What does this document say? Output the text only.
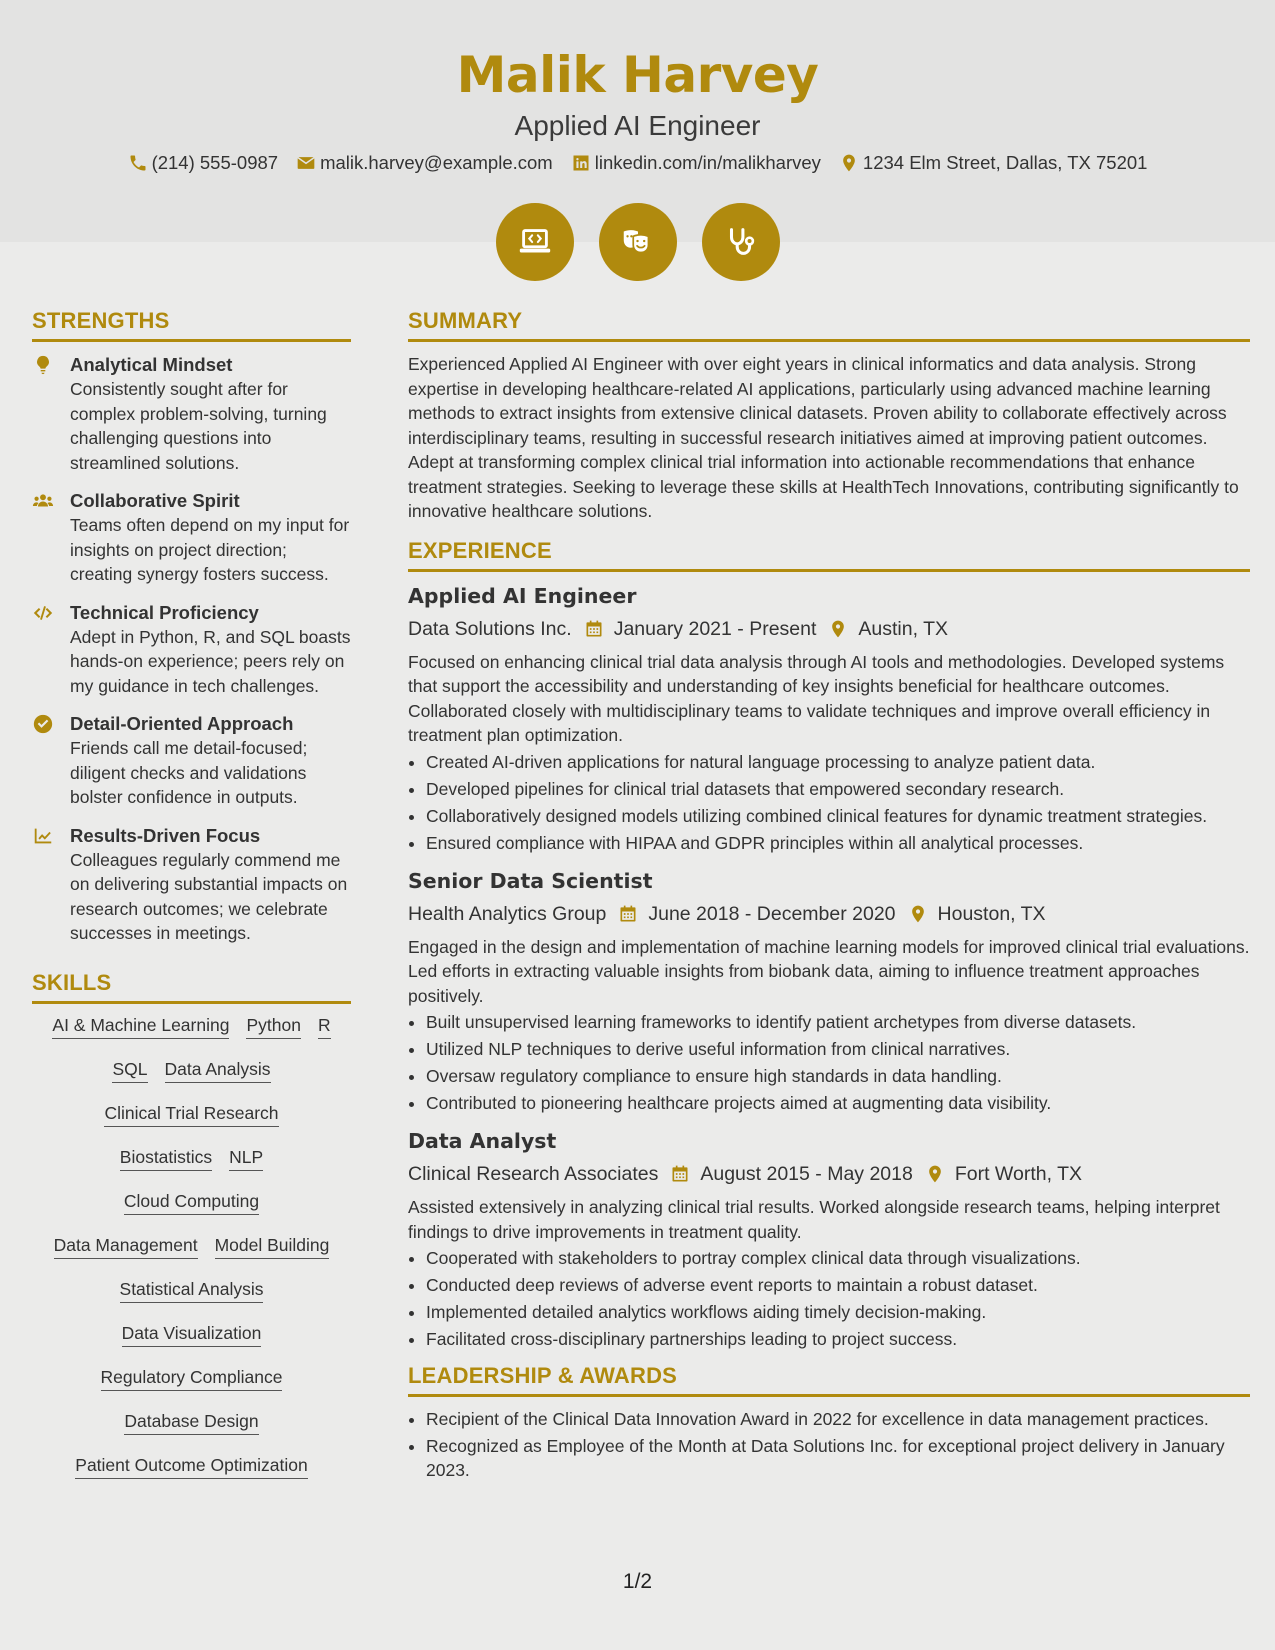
Malik Harvey
Applied AI Engineer
(214) 555-0987 malik.harvey@example.com linkedin.com/in/malikharvey 1234 Elm Street, Dallas, TX 75201
STRENGTHS
Analytical Mindset
Consistently sought after for complex problem-solving, turning challenging questions into streamlined solutions.
Collaborative Spirit
Teams often depend on my input for insights on project direction; creating synergy fosters success.
Technical Proficiency
Adept in Python, R, and SQL boasts hands-on experience; peers rely on my guidance in tech challenges.
Detail-Oriented Approach
Friends call me detail-focused; diligent checks and validations bolster confidence in outputs.
Results-Driven Focus
Colleagues regularly commend me on delivering substantial impacts on research outcomes; we celebrate successes in meetings.
SKILLS
AI & Machine Learning Python R
SQL Data Analysis
Clinical Trial Research
Biostatistics NLP
Cloud Computing
Data Management Model Building
Statistical Analysis
Data Visualization
Regulatory Compliance
Database Design
Patient Outcome Optimization
SUMMARY
Experienced Applied AI Engineer with over eight years in clinical informatics and data analysis. Strong expertise in developing healthcare-related AI applications, particularly using advanced machine learning methods to extract insights from extensive clinical datasets. Proven ability to collaborate effectively across interdisciplinary teams, resulting in successful research initiatives aimed at improving patient outcomes. Adept at transforming complex clinical trial information into actionable recommendations that enhance treatment strategies. Seeking to leverage these skills at HealthTech Innovations, contributing significantly to innovative healthcare solutions.
EXPERIENCE
Applied AI Engineer
Data Solutions Inc. January 2021 - Present Austin, TX
Focused on enhancing clinical trial data analysis through AI tools and methodologies. Developed systems that support the accessibility and understanding of key insights beneficial for healthcare outcomes. Collaborated closely with multidisciplinary teams to validate techniques and improve overall efficiency in treatment plan optimization.
• Created AI-driven applications for natural language processing to analyze patient data.
• Developed pipelines for clinical trial datasets that empowered secondary research.
• Collaboratively designed models utilizing combined clinical features for dynamic treatment strategies.
• Ensured compliance with HIPAA and GDPR principles within all analytical processes.
Senior Data Scientist
Health Analytics Group June 2018 - December 2020 Houston, TX
Engaged in the design and implementation of machine learning models for improved clinical trial evaluations. Led efforts in extracting valuable insights from biobank data, aiming to influence treatment approaches positively.
• Built unsupervised learning frameworks to identify patient archetypes from diverse datasets.
• Utilized NLP techniques to derive useful information from clinical narratives.
• Oversaw regulatory compliance to ensure high standards in data handling.
• Contributed to pioneering healthcare projects aimed at augmenting data visibility.
Data Analyst
Clinical Research Associates August 2015 - May 2018 Fort Worth, TX
Assisted extensively in analyzing clinical trial results. Worked alongside research teams, helping interpret findings to drive improvements in treatment quality.
• Cooperated with stakeholders to portray complex clinical data through visualizations.
• Conducted deep reviews of adverse event reports to maintain a robust dataset.
• Implemented detailed analytics workflows aiding timely decision-making.
• Facilitated cross-disciplinary partnerships leading to project success.
LEADERSHIP & AWARDS
• Recipient of the Clinical Data Innovation Award in 2022 for excellence in data management practices.
• Recognized as Employee of the Month at Data Solutions Inc. for exceptional project delivery in January 2023.
1/2
